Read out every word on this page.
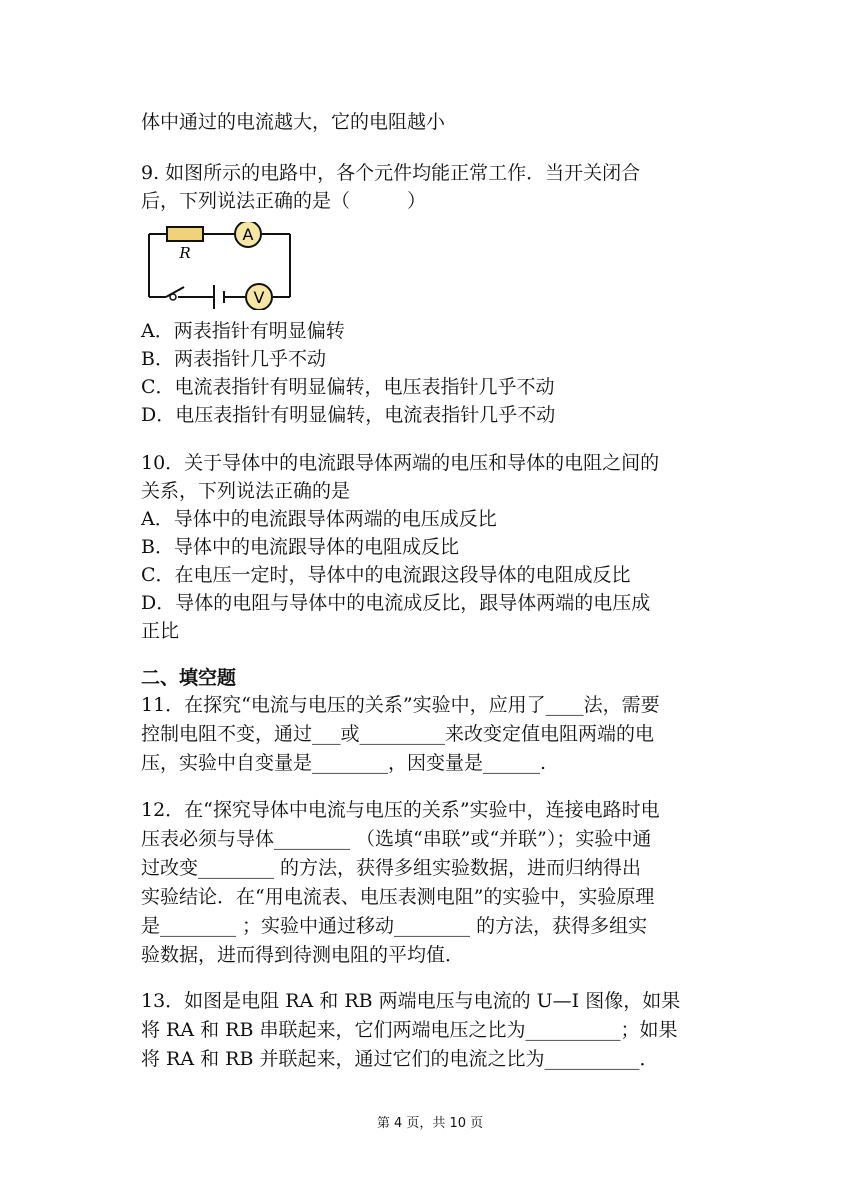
体中通过的电流越大，它的电阻越小
9. 如图所示的电路中，各个元件均能正常工作．当开关闭合
后，下列说法正确的是（　　　）
A
V
R
A．两表指针有明显偏转
B．两表指针几乎不动
C．电流表指针有明显偏转，电压表指针几乎不动
D．电压表指针有明显偏转，电流表指针几乎不动
10．关于导体中的电流跟导体两端的电压和导体的电阻之间的
关系，下列说法正确的是
A．导体中的电流跟导体两端的电压成反比
B．导体中的电流跟导体的电阻成反比
C．在电压一定时，导体中的电流跟这段导体的电阻成反比
D．导体的电阻与导体中的电流成反比，跟导体两端的电压成
正比
二、填空题
11．在探究“电流与电压的关系”实验中，应用了____法，需要
控制电阻不变，通过___或_________来改变定值电阻两端的电
压，实验中自变量是________，因变量是______.
12．在“探究导体中电流与电压的关系”实验中，连接电路时电
压表必须与导体________ （选填“串联”或“并联”）；实验中通
过改变________ 的方法，获得多组实验数据，进而归纳得出
实验结论．在“用电流表、电压表测电阻”的实验中，实验原理
是________ ；实验中通过移动________ 的方法，获得多组实
验数据，进而得到待测电阻的平均值．
13．如图是电阻 RA 和 RB 两端电压与电流的 U—I 图像，如果
将 RA 和 RB 串联起来，它们两端电压之比为__________；如果
将 RA 和 RB 并联起来，通过它们的电流之比为__________．
第 4 页，共 10 页
